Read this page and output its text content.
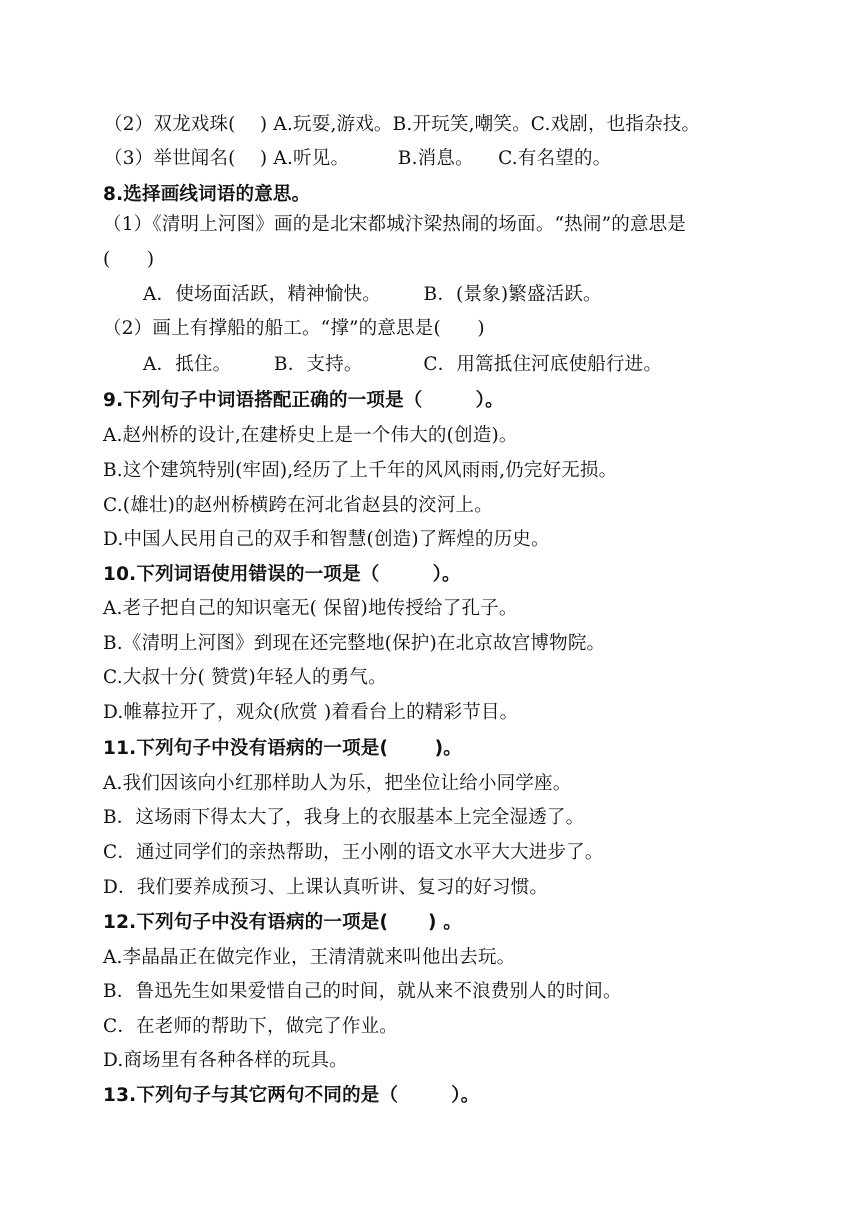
（2）双龙戏珠(    ) A.玩耍,游戏。B.开玩笑,嘲笑。C.戏剧，也指杂技。
（3）举世闻名(    ) A.听见。        B.消息。    C.有名望的。
8.选择画线词语的意思。
（1）《清明上河图》画的是北宋都城汴梁热闹的场面。“热闹”的意思是
(      )
A．使场面活跃，精神愉快。       B．(景象)繁盛活跃。
（2）画上有撑船的船工。“撑”的意思是(      )
A．抵住。       B．支持。          C．用篙抵住河底使船行进。
9.下列句子中词语搭配正确的一项是（        ）。
A.赵州桥的设计,在建桥史上是一个伟大的(创造)。
B.这个建筑特别(牢固),经历了上千年的风风雨雨,仍完好无损。
C.(雄壮)的赵州桥横跨在河北省赵县的洨河上。
D.中国人民用自己的双手和智慧(创造)了辉煌的历史。
10.下列词语使用错误的一项是（        ）。
A.老子把自己的知识毫无( 保留)地传授给了孔子。
B.《清明上河图》到现在还完整地(保护)在北京故宫博物院。
C.大叔十分( 赞赏)年轻人的勇气。
D.帷幕拉开了，观众(欣赏 )着看台上的精彩节目。
11.下列句子中没有语病的一项是(       )。
A.我们因该向小红那样助人为乐，把坐位让给小同学座。
B．这场雨下得太大了，我身上的衣服基本上完全湿透了。
C．通过同学们的亲热帮助，王小刚的语文水平大大进步了。
D．我们要养成预习、上课认真听讲、复习的好习惯。
12.下列句子中没有语病的一项是(      ) 。
A.李晶晶正在做完作业，王清清就来叫他出去玩。
B．鲁迅先生如果爱惜自己的时间，就从来不浪费别人的时间。
C．在老师的帮助下，做完了作业。
D.商场里有各种各样的玩具。
13.下列句子与其它两句不同的是（        ）。
